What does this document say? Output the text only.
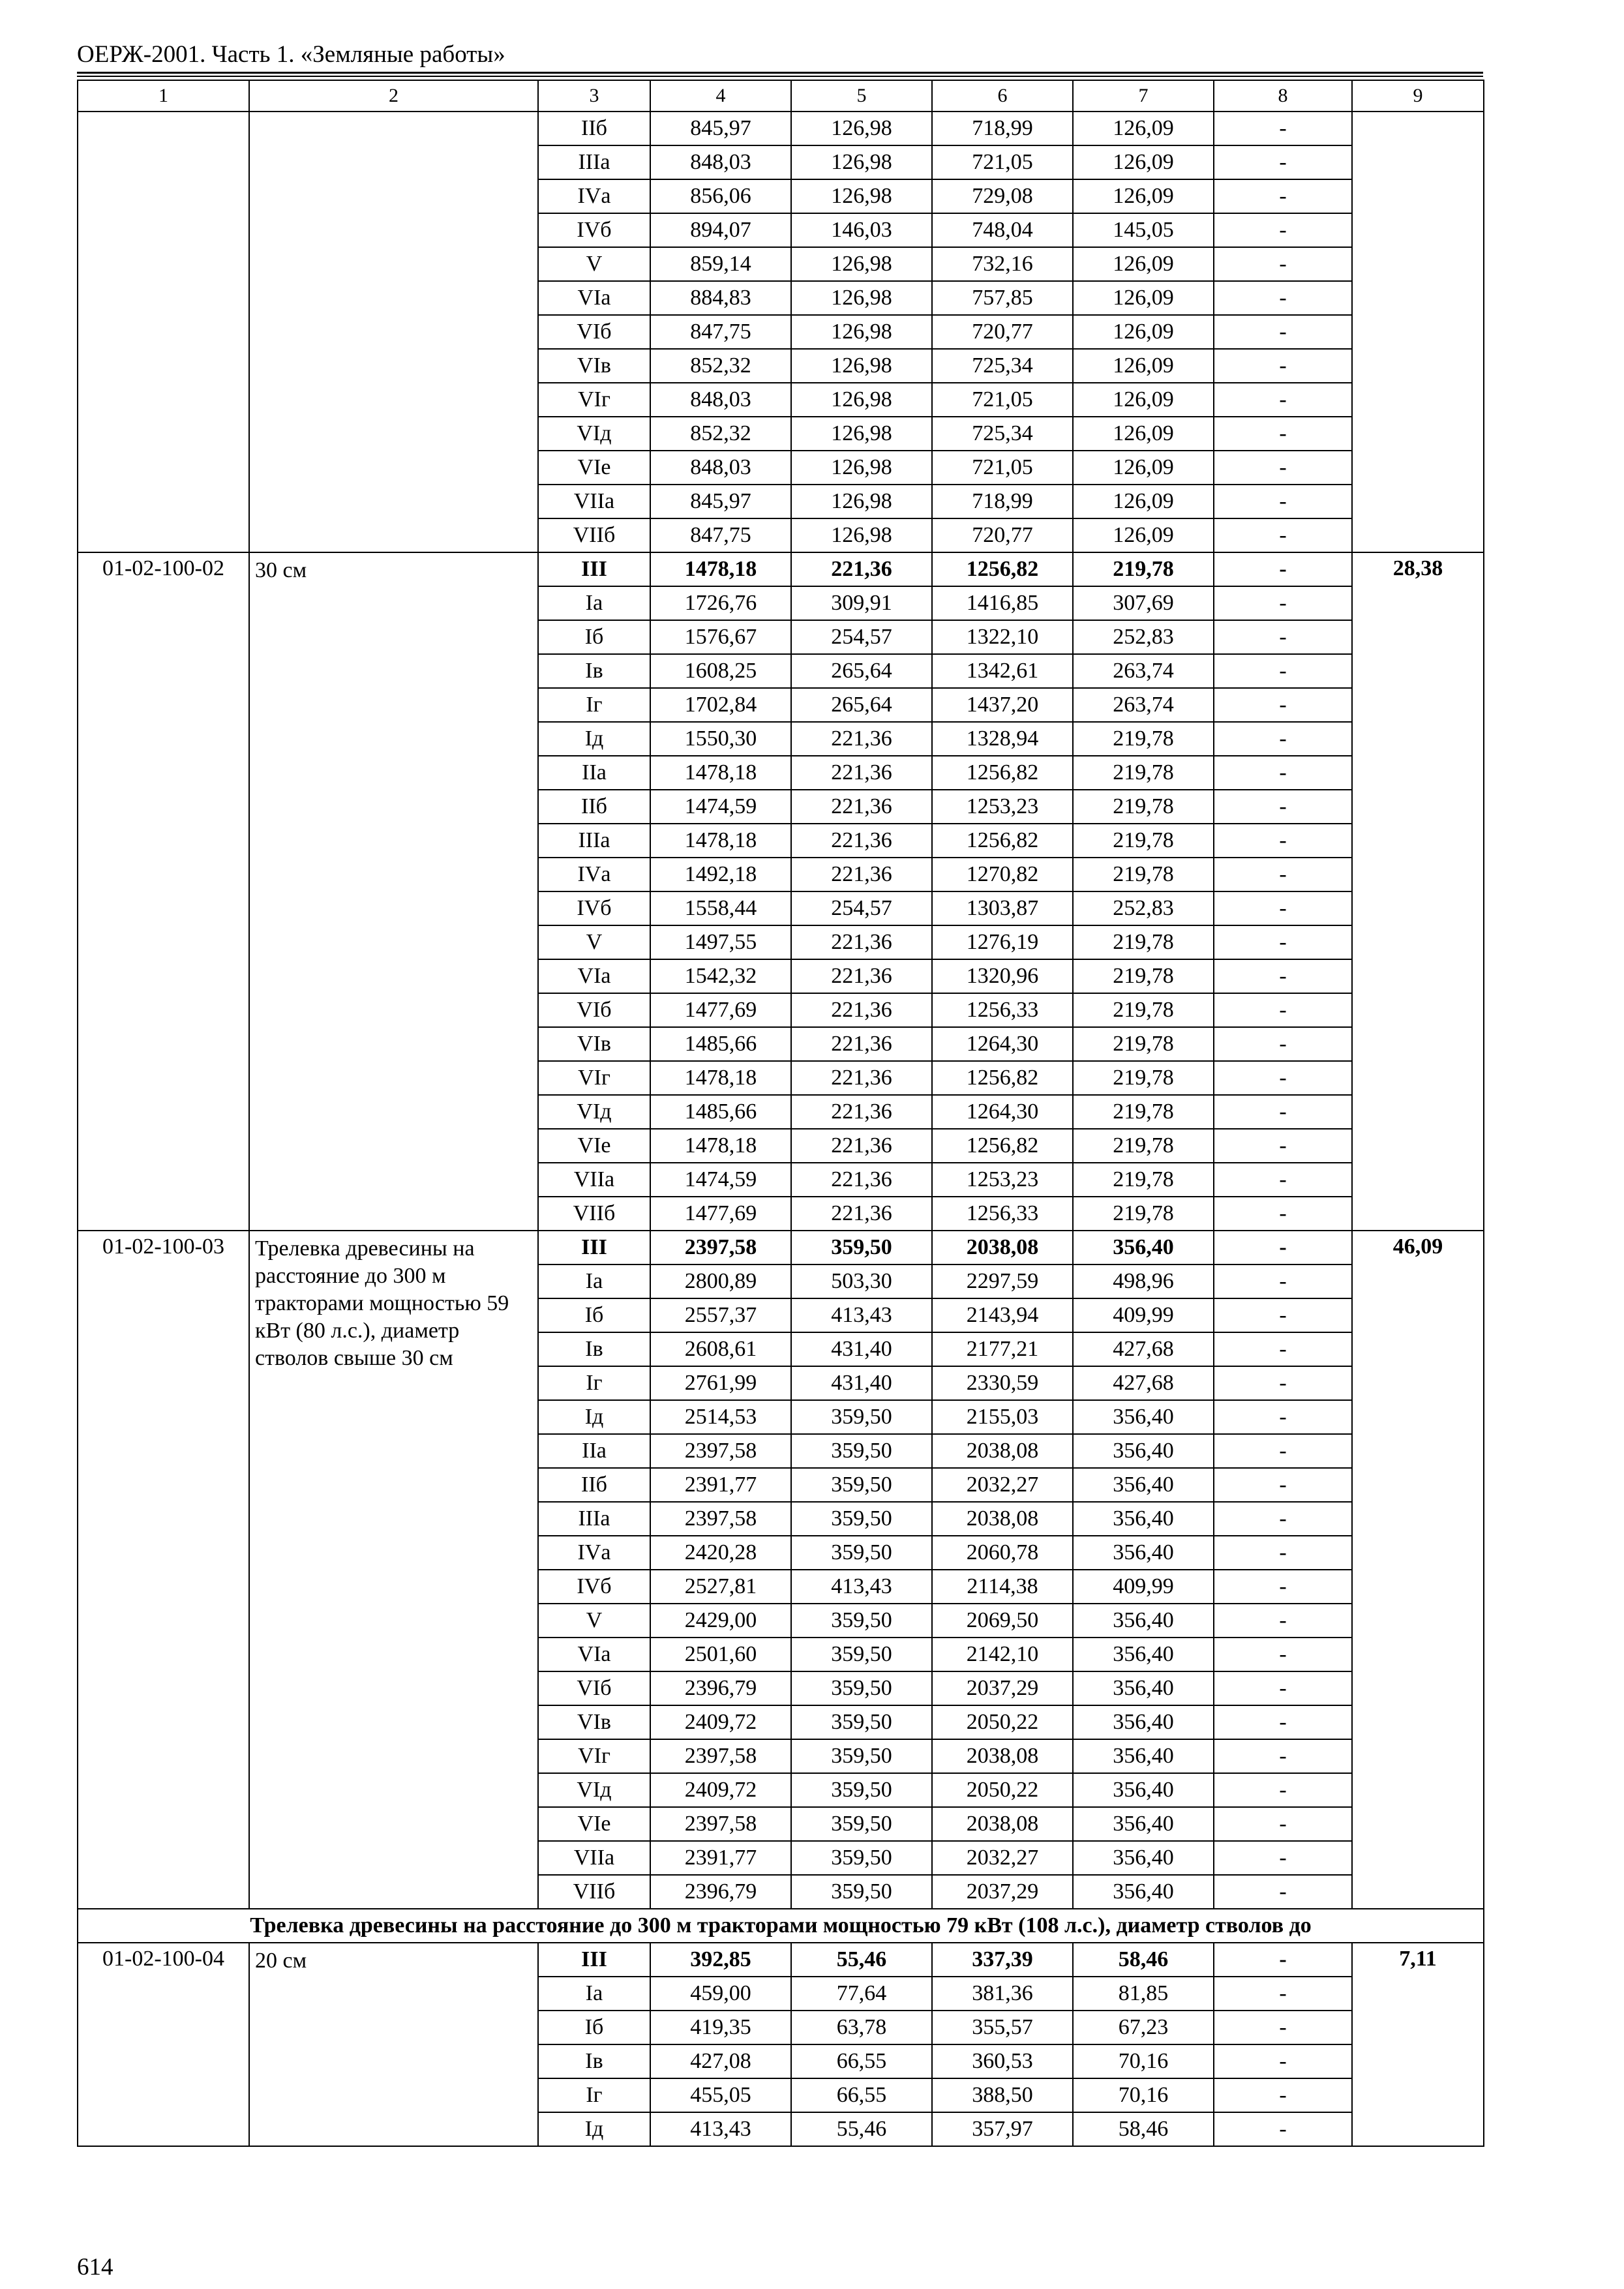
ОЕРЖ-2001. Часть 1. «Земляные работы»
1	2	3	4	5	6	7	8	9
		IIб	845,97	126,98	718,99	126,09	-	
		IIIа	848,03	126,98	721,05	126,09	-	
		IVа	856,06	126,98	729,08	126,09	-	
		IVб	894,07	146,03	748,04	145,05	-	
		V	859,14	126,98	732,16	126,09	-	
		VIа	884,83	126,98	757,85	126,09	-	
		VIб	847,75	126,98	720,77	126,09	-	
		VIв	852,32	126,98	725,34	126,09	-	
		VIг	848,03	126,98	721,05	126,09	-	
		VIд	852,32	126,98	725,34	126,09	-	
		VIе	848,03	126,98	721,05	126,09	-	
		VIIа	845,97	126,98	718,99	126,09	-	
		VIIб	847,75	126,98	720,77	126,09	-	
01-02-100-02	30 см	III	1478,18	221,36	1256,82	219,78	-	28,38
		Iа	1726,76	309,91	1416,85	307,69	-	
		Iб	1576,67	254,57	1322,10	252,83	-	
		Iв	1608,25	265,64	1342,61	263,74	-	
		Iг	1702,84	265,64	1437,20	263,74	-	
		Iд	1550,30	221,36	1328,94	219,78	-	
		IIа	1478,18	221,36	1256,82	219,78	-	
		IIб	1474,59	221,36	1253,23	219,78	-	
		IIIа	1478,18	221,36	1256,82	219,78	-	
		IVа	1492,18	221,36	1270,82	219,78	-	
		IVб	1558,44	254,57	1303,87	252,83	-	
		V	1497,55	221,36	1276,19	219,78	-	
		VIа	1542,32	221,36	1320,96	219,78	-	
		VIб	1477,69	221,36	1256,33	219,78	-	
		VIв	1485,66	221,36	1264,30	219,78	-	
		VIг	1478,18	221,36	1256,82	219,78	-	
		VIд	1485,66	221,36	1264,30	219,78	-	
		VIе	1478,18	221,36	1256,82	219,78	-	
		VIIа	1474,59	221,36	1253,23	219,78	-	
		VIIб	1477,69	221,36	1256,33	219,78	-	
01-02-100-03	Трелевка древесины на расстояние до 300 м тракторами мощностью 59 кВт (80 л.с.), диаметр стволов свыше 30 см	III	2397,58	359,50	2038,08	356,40	-	46,09
		Iа	2800,89	503,30	2297,59	498,96	-	
		Iб	2557,37	413,43	2143,94	409,99	-	
		Iв	2608,61	431,40	2177,21	427,68	-	
		Iг	2761,99	431,40	2330,59	427,68	-	
		Iд	2514,53	359,50	2155,03	356,40	-	
		IIа	2397,58	359,50	2038,08	356,40	-	
		IIб	2391,77	359,50	2032,27	356,40	-	
		IIIа	2397,58	359,50	2038,08	356,40	-	
		IVа	2420,28	359,50	2060,78	356,40	-	
		IVб	2527,81	413,43	2114,38	409,99	-	
		V	2429,00	359,50	2069,50	356,40	-	
		VIа	2501,60	359,50	2142,10	356,40	-	
		VIб	2396,79	359,50	2037,29	356,40	-	
		VIв	2409,72	359,50	2050,22	356,40	-	
		VIг	2397,58	359,50	2038,08	356,40	-	
		VIд	2409,72	359,50	2050,22	356,40	-	
		VIе	2397,58	359,50	2038,08	356,40	-	
		VIIа	2391,77	359,50	2032,27	356,40	-	
		VIIб	2396,79	359,50	2037,29	356,40	-	
Трелевка древесины на расстояние до 300 м тракторами мощностью 79 кВт (108 л.с.), диаметр стволов до								
01-02-100-04	20 см	III	392,85	55,46	337,39	58,46	-	7,11
		Iа	459,00	77,64	381,36	81,85	-	
		Iб	419,35	63,78	355,57	67,23	-	
		Iв	427,08	66,55	360,53	70,16	-	
		Iг	455,05	66,55	388,50	70,16	-	
		Iд	413,43	55,46	357,97	58,46	-	
614
